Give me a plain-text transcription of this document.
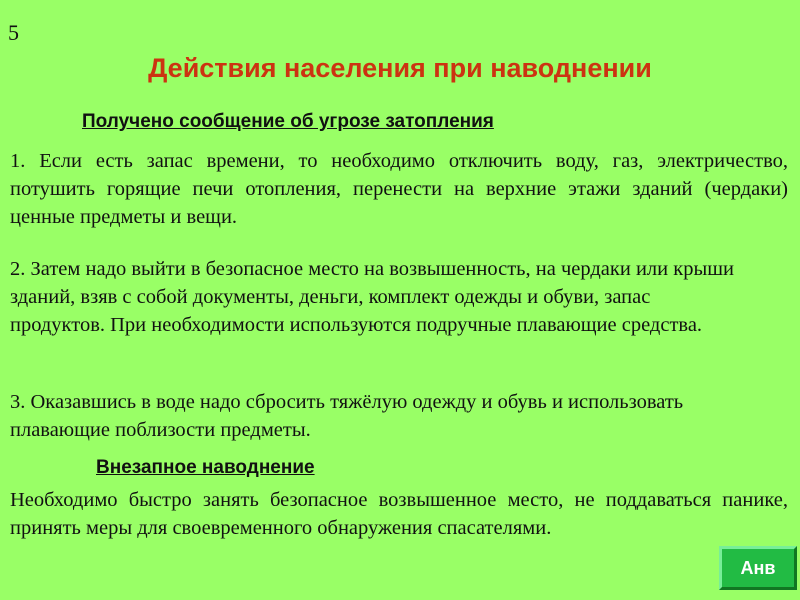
5
Действия населения при наводнении
Получено сообщение об угрозе затопления

1. Если есть запас времени, то необходимо отключить воду, газ, электричество, потушить горящие печи отопления, перенести на верхние этажи зданий (чердаки) ценные предметы и вещи.

2. Затем надо выйти в безопасное место на возвышенность, на чердаки или крыши зданий, взяв с собой документы, деньги, комплект одежды и обуви, запас продуктов. При необходимости используются подручные плавающие средства.

3. Оказавшись в воде надо сбросить тяжёлую одежду и обувь и использовать плавающие поблизости предметы.

Внезапное наводнение

Необходимо быстро занять безопасное возвышенное место, не поддаваться панике, принять меры для своевременного обнаружения спасателями.

Анв
